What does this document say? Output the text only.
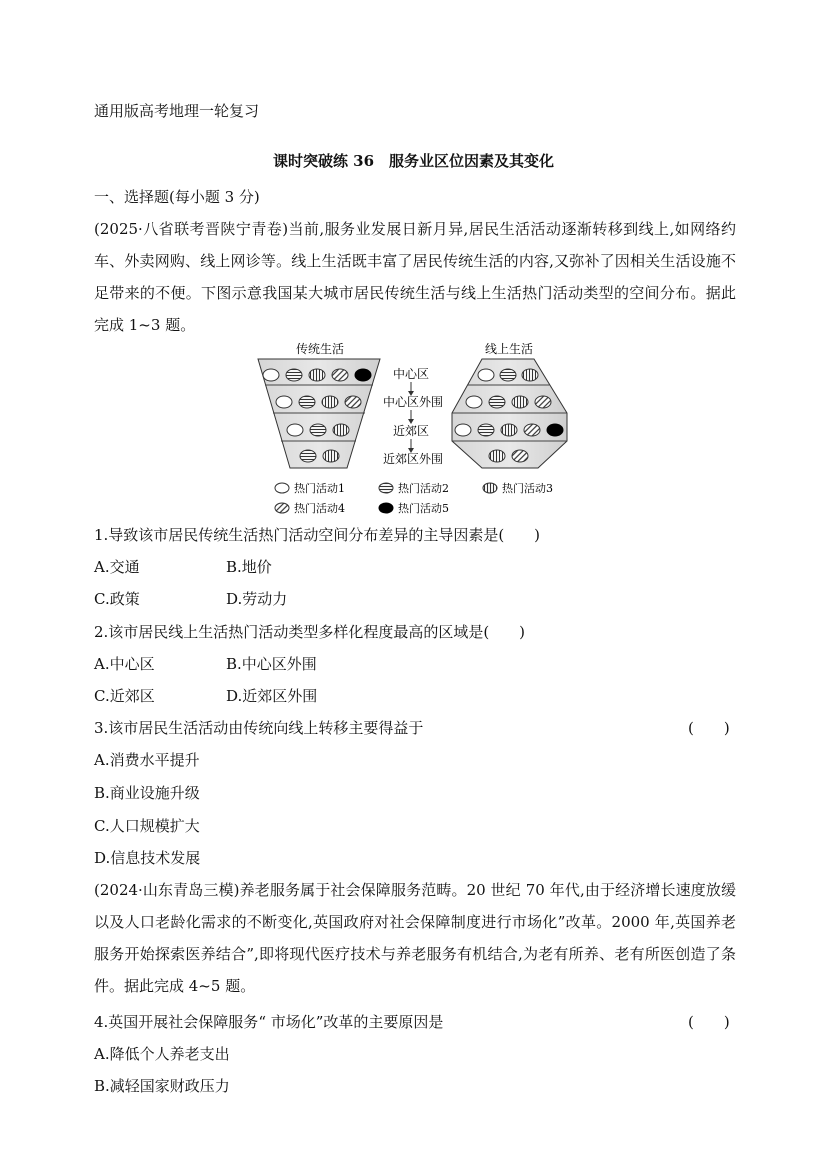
通用版高考地理一轮复习
课时突破练 36　服务业区位因素及其变化
一、选择题(每小题 3 分)
(2025·八省联考晋陕宁青卷)当前,服务业发展日新月异,居民生活活动逐渐转移到线上,如网络约车、外卖网购、线上网诊等。线上生活既丰富了居民传统生活的内容,又弥补了因相关生活设施不足带来的不便。下图示意我国某大城市居民传统生活与线上生活热门活动类型的空间分布。据此完成 1~3 题。
传统生活
中心区
中心区外围
近郊区
近郊区外围
线上生活
热门活动1	热门活动2	热门活动3
热门活动4	热门活动5
1.导致该市居民传统生活热门活动空间分布差异的主导因素是(　　)
A.交通	B.地价
C.政策	D.劳动力
2.该市居民线上生活热门活动类型多样化程度最高的区域是(　　)
A.中心区	B.中心区外围
C.近郊区	D.近郊区外围
3.该市居民生活活动由传统向线上转移主要得益于	(　　)
A.消费水平提升
B.商业设施升级
C.人口规模扩大
D.信息技术发展
(2024·山东青岛三模)养老服务属于社会保障服务范畴。20 世纪 70 年代,由于经济增长速度放缓以及人口老龄化需求的不断变化,英国政府对社会保障制度进行市场化”改革。2000 年,英国养老服务开始探索医养结合”,即将现代医疗技术与养老服务有机结合,为老有所养、老有所医创造了条件。据此完成 4~5 题。
4.英国开展社会保障服务“ 市场化”改革的主要原因是	(　　)
A.降低个人养老支出
B.减轻国家财政压力
